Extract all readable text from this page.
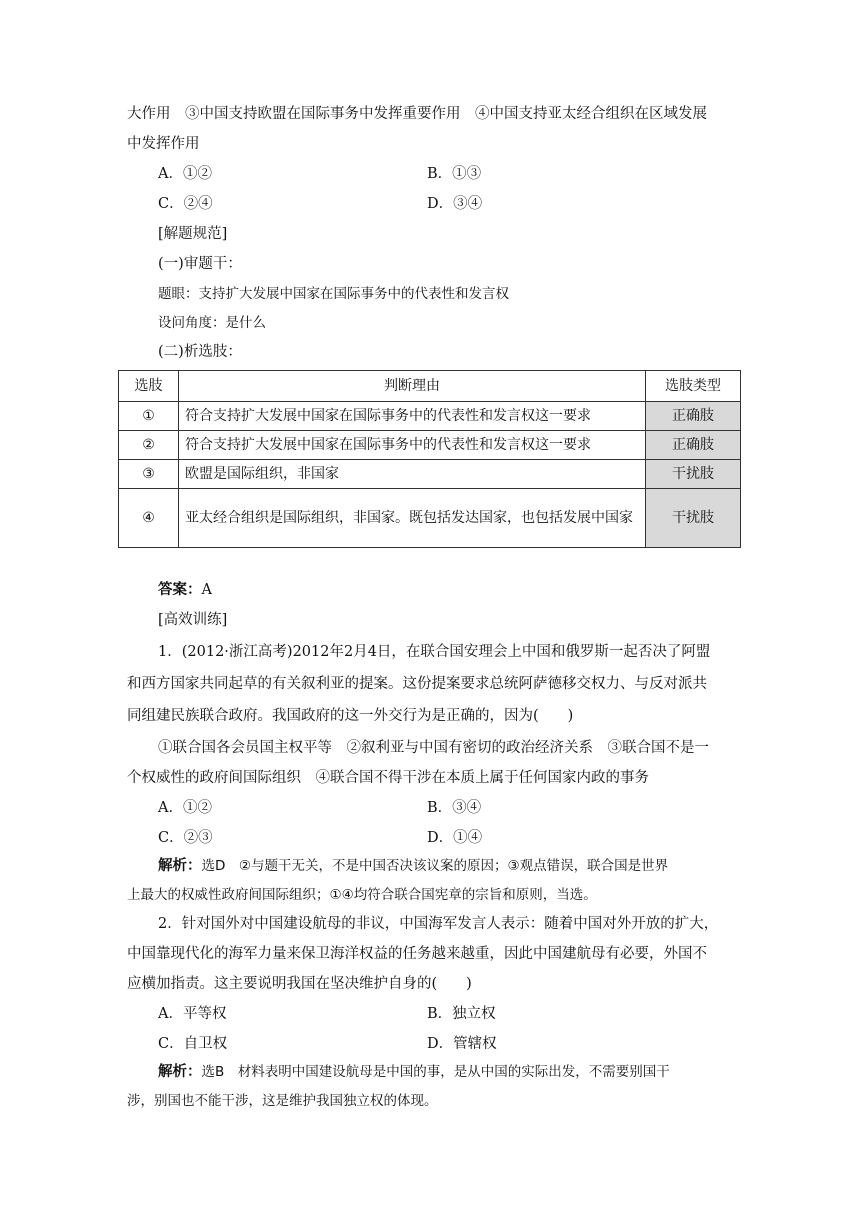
大作用　③中国支持欧盟在国际事务中发挥重要作用　④中国支持亚太经合组织在区域发展
中发挥作用
A．①②	B．①③
C．②④	D．③④
[解题规范]
(一)审题干：
题眼：支持扩大发展中国家在国际事务中的代表性和发言权
设问角度：是什么
(二)析选肢：
选肢	判断理由	选肢类型
①	符合支持扩大发展中国家在国际事务中的代表性和发言权这一要求	正确肢
②	符合支持扩大发展中国家在国际事务中的代表性和发言权这一要求	正确肢
③	欧盟是国际组织，非国家	干扰肢
④	亚太经合组织是国际组织，非国家。既包括发达国家，也包括发展中国家	干扰肢
答案：A
[高效训练]
1．(2012·浙江高考)2012年2月4日，在联合国安理会上中国和俄罗斯一起否决了阿盟
和西方国家共同起草的有关叙利亚的提案。这份提案要求总统阿萨德移交权力、与反对派共
同组建民族联合政府。我国政府的这一外交行为是正确的，因为(　　)
①联合国各会员国主权平等　②叙利亚与中国有密切的政治经济关系　③联合国不是一
个权威性的政府间国际组织　④联合国不得干涉在本质上属于任何国家内政的事务
A．①②	B．③④
C．②③	D．①④
解析：选D　②与题干无关，不是中国否决该议案的原因；③观点错误，联合国是世界
上最大的权威性政府间国际组织；①④均符合联合国宪章的宗旨和原则，当选。
2．针对国外对中国建设航母的非议，中国海军发言人表示：随着中国对外开放的扩大，
中国靠现代化的海军力量来保卫海洋权益的任务越来越重，因此中国建航母有必要，外国不
应横加指责。这主要说明我国在坚决维护自身的(　　)
A．平等权	B．独立权
C．自卫权	D．管辖权
解析：选B　材料表明中国建设航母是中国的事，是从中国的实际出发，不需要别国干
涉，别国也不能干涉，这是维护我国独立权的体现。
